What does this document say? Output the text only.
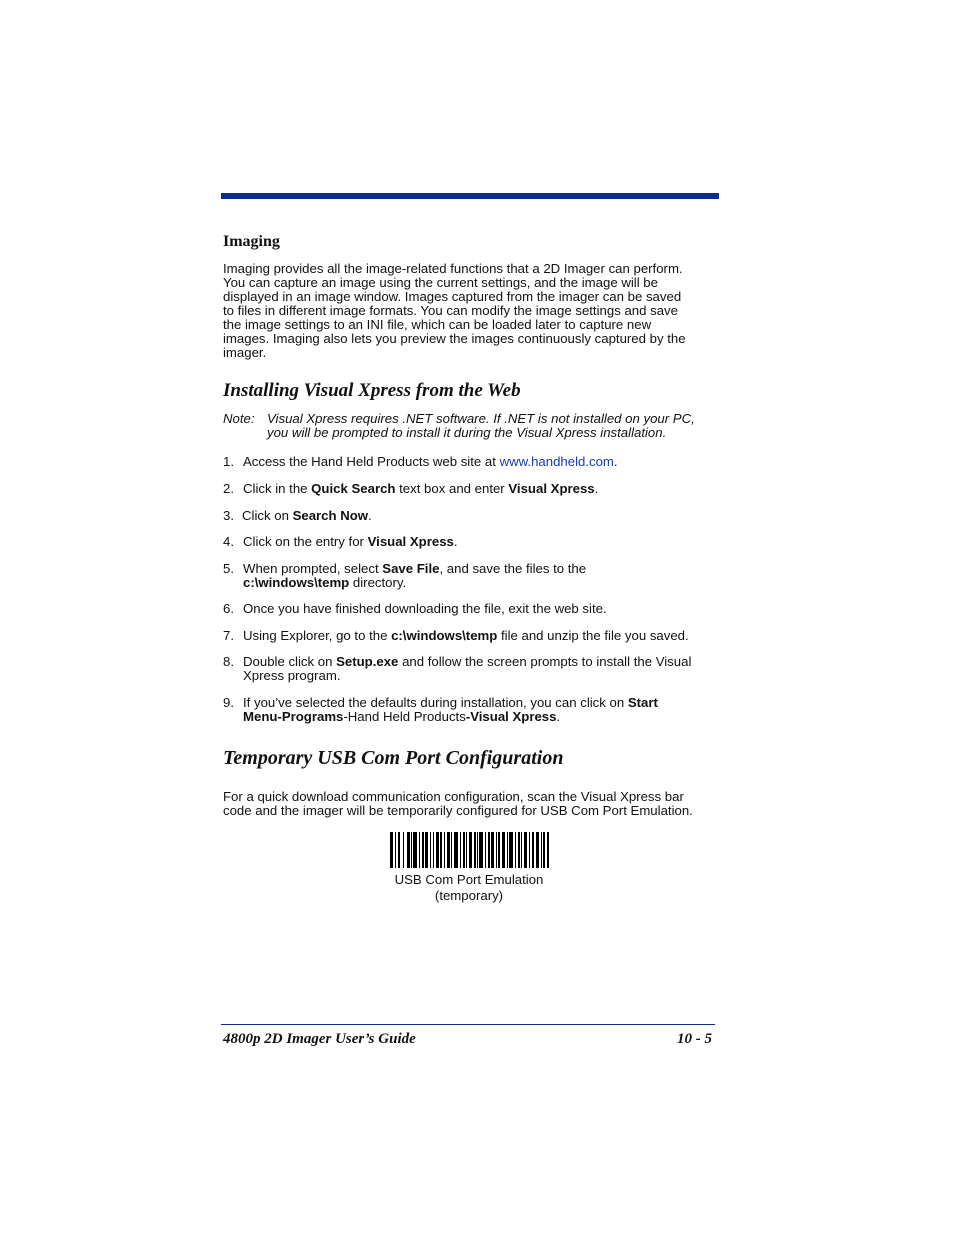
Imaging

Imaging provides all the image-related functions that a 2D Imager can perform.
You can capture an image using the current settings, and the image will be
displayed in an image window. Images captured from the imager can be saved
to files in different image formats. You can modify the image settings and save
the image settings to an INI file, which can be loaded later to capture new
images. Imaging also lets you preview the images continuously captured by the
imager.

Installing Visual Xpress from the Web
Note: Visual Xpress requires .NET software. If .NET is not installed on your PC,
you will be prompted to install it during the Visual Xpress installation.
1. Access the Hand Held Products web site at www.handheld.com.
2. Click in the Quick Search text box and enter Visual Xpress.
3. Click on Search Now.
4. Click on the entry for Visual Xpress.
5. When prompted, select Save File, and save the files to the
c:\windows\temp directory.
6. Once you have finished downloading the file, exit the web site.
7. Using Explorer, go to the c:\windows\temp file and unzip the file you saved.
8. Double click on Setup.exe and follow the screen prompts to install the Visual
Xpress program.
9. If you’ve selected the defaults during installation, you can click on Start
Menu-Programs-Hand Held Products-Visual Xpress.
Temporary USB Com Port Configuration

For a quick download communication configuration, scan the Visual Xpress bar
code and the imager will be temporarily configured for USB Com Port Emulation.

USB Com Port Emulation
(temporary)
4800p 2D Imager User’s Guide	10 - 5
